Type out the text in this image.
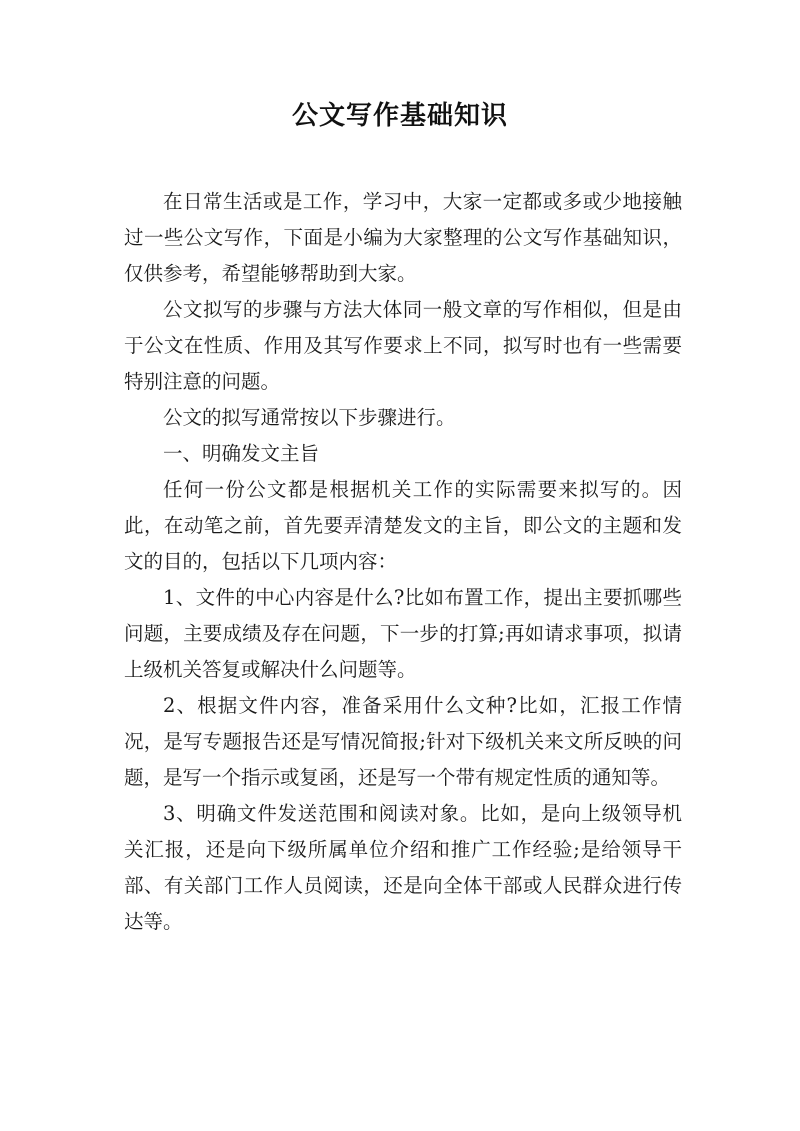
公文写作基础知识

在日常生活或是工作，学习中，大家一定都或多或少地接触过一些公文写作，下面是小编为大家整理的公文写作基础知识，仅供参考，希望能够帮助到大家。

公文拟写的步骤与方法大体同一般文章的写作相似，但是由于公文在性质、作用及其写作要求上不同，拟写时也有一些需要特别注意的问题。

公文的拟写通常按以下步骤进行。

一、明确发文主旨

任何一份公文都是根据机关工作的实际需要来拟写的。因此，在动笔之前，首先要弄清楚发文的主旨，即公文的主题和发文的目的，包括以下几项内容：

1、文件的中心内容是什么?比如布置工作，提出主要抓哪些问题，主要成绩及存在问题，下一步的打算;再如请求事项，拟请上级机关答复或解决什么问题等。

2、根据文件内容，准备采用什么文种?比如，汇报工作情况，是写专题报告还是写情况简报;针对下级机关来文所反映的问题，是写一个指示或复函，还是写一个带有规定性质的通知等。

3、明确文件发送范围和阅读对象。比如，是向上级领导机关汇报，还是向下级所属单位介绍和推广工作经验;是给领导干部、有关部门工作人员阅读，还是向全体干部或人民群众进行传达等。
